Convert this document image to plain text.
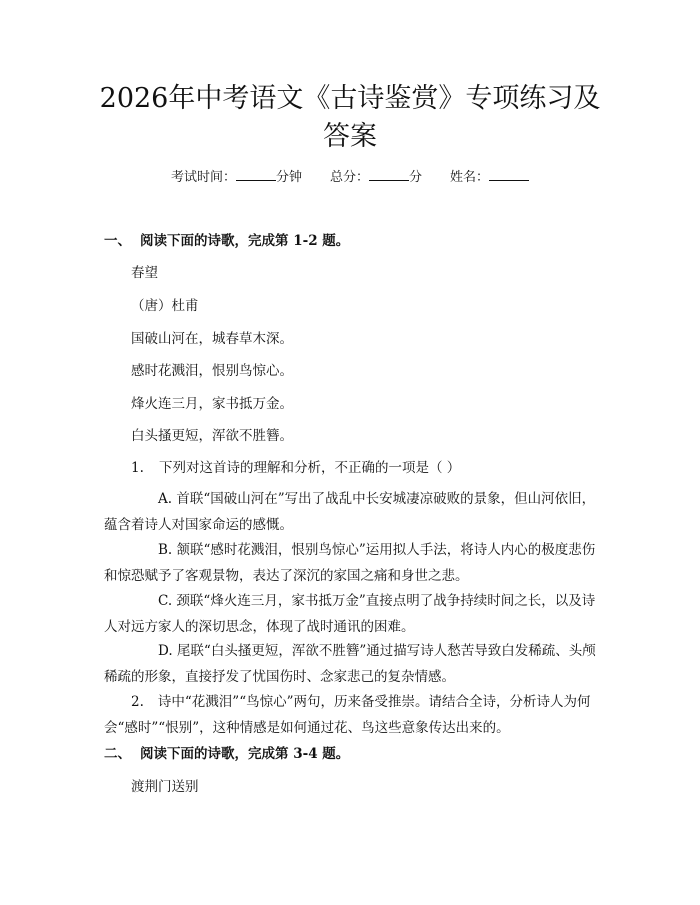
2026年中考语文《古诗鉴赏》专项练习及答案
考试时间：	分钟 总分：	分 姓名：
一、 阅读下面的诗歌，完成第 1-2 题。
春望
（唐）杜甫
国破山河在，城春草木深。
感时花溅泪，恨别鸟惊心。
烽火连三月，家书抵万金。
白头搔更短，浑欲不胜簪。
1. 下列对这首诗的理解和分析，不正确的一项是（ ）
A. 首联“国破山河在”写出了战乱中长安城凄凉破败的景象，但山河依旧，蕴含着诗人对国家命运的感慨。
B. 颔联“感时花溅泪，恨别鸟惊心”运用拟人手法，将诗人内心的极度悲伤和惊恐赋予了客观景物，表达了深沉的家国之痛和身世之悲。
C. 颈联“烽火连三月，家书抵万金”直接点明了战争持续时间之长，以及诗人对远方家人的深切思念，体现了战时通讯的困难。
D. 尾联“白头搔更短，浑欲不胜簪”通过描写诗人愁苦导致白发稀疏、头颅稀疏的形象，直接抒发了忧国伤时、念家悲己的复杂情感。
2. 诗中“花溅泪”“鸟惊心”两句，历来备受推崇。请结合全诗，分析诗人为何会“感时”“恨别”，这种情感是如何通过花、鸟这些意象传达出来的。
二、 阅读下面的诗歌，完成第 3-4 题。
渡荆门送别
